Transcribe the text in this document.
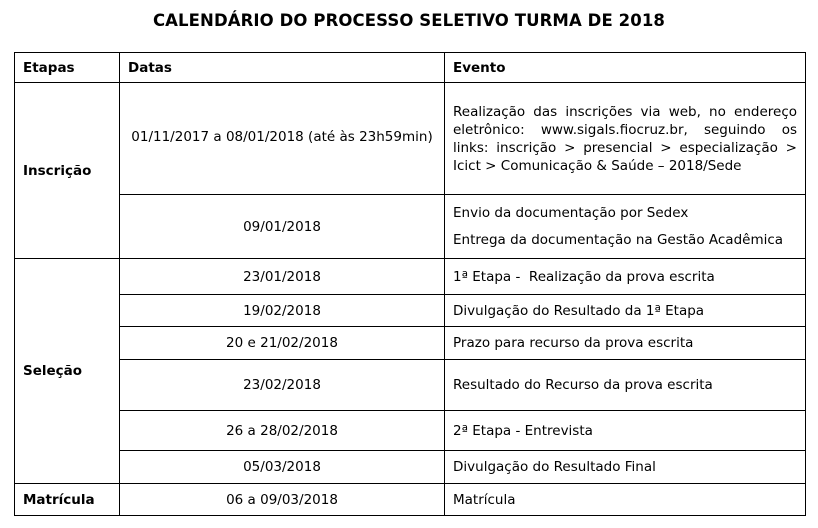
CALENDÁRIO DO PROCESSO SELETIVO TURMA DE 2018
Etapas	Datas	Evento
Inscrição	01/11/2017 a 08/01/2018 (até às 23h59min)	Realização das inscrições via web, no endereço eletrônico: www.sigals.fiocruz.br, seguindo os links: inscrição > presencial > especialização > Icict > Comunicação & Saúde – 2018/Sede
	09/01/2018	Envio da documentação por Sedex
Entrega da documentação na Gestão Acadêmica

Seleção	23/01/2018	1ª Etapa -  Realização da prova escrita
	19/02/2018	Divulgação do Resultado da 1ª Etapa
	20 e 21/02/2018	Prazo para recurso da prova escrita
	23/02/2018	Resultado do Recurso da prova escrita
	26 a 28/02/2018	2ª Etapa - Entrevista
	05/03/2018	Divulgação do Resultado Final
Matrícula	06 a 09/03/2018	Matrícula
